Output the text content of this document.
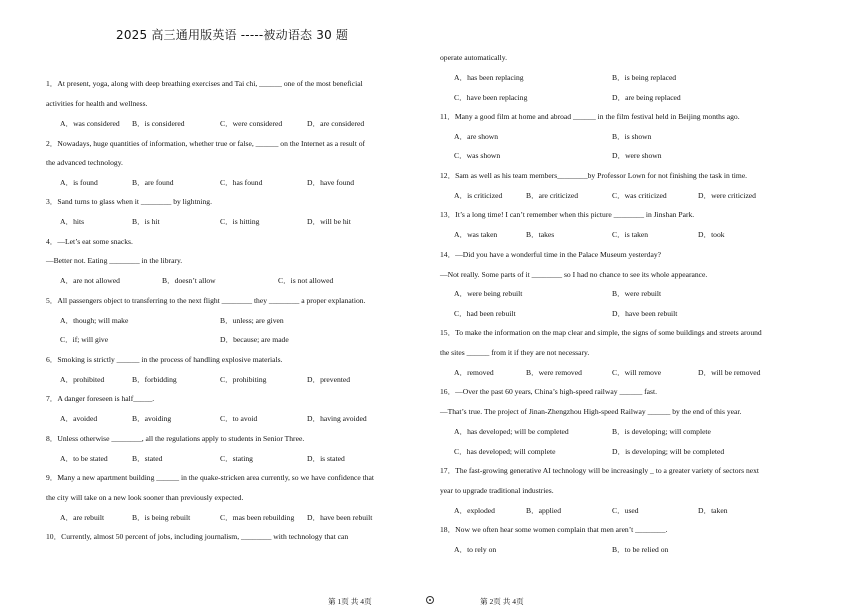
2025 高三通用版英语 -----被动语态 30 题
1．At present, yoga, along with deep breathing exercises and Tai chi, ______ one of the most beneficial
activities for health and wellness.
A．was considered B．is considered	C．were considered	D．are considered
2．Nowadays, huge quantities of information, whether true or false, ______ on the Internet as a result of
the advanced technology.
A．is found	B．are found	C．has found	D．have found
3．Sand turns to glass when it ________ by lightning.
A．hits	B．is hit	C．is hitting	D．will be hit
4．—Let’s eat some snacks.
—Better not. Eating ________ in the library.
A．are not allowed	B．doesn’t allow	C．is not allowed
5．All passengers object to transferring to the next flight ________ they ________ a proper explanation.
A．though; will make	B．unless; are given
C．if; will give	D．because; are made
6．Smoking is strictly ______ in the process of handling explosive materials.
A．prohibited	B．forbidding	C．prohibiting	D．prevented
7．A danger foreseen is half_____.
A．avoided	B．avoiding	C．to avoid	D．having avoided
8．Unless otherwise ________, all the regulations apply to students in Senior Three.
A．to be stated	B．stated	C．stating	D．is stated
9．Many a new apartment building ______ in the quake-stricken area currently, so we have confidence that
the city will take on a new look sooner than previously expected.
A．are rebuilt	B．is being rebuilt	C．mas been rebuilding D．have been rebuilt
10．Currently, almost 50 percent of jobs, including journalism, ________ with technology that can
operate automatically.
A．has been replacing	B．is being replaced
C．have been replacing	D．are being replaced
11．Many a good film at home and abroad ______ in the film festival held in Beijing months ago.
A．are shown	B．is shown
C．was shown	D．were shown
12．Sam as well as his team members________by Professor Lown for not finishing the task in time.
A．is criticized	B．are criticized	C．was criticized	D．were criticized
13．It’s a long time! I can’t remember when this picture ________ in Jinshan Park.
A．was taken	B．takes	C．is taken	D．took
14．—Did you have a wonderful time in the Palace Museum yesterday?
—Not really. Some parts of it ________ so I had no chance to see its whole appearance.
A．were being rebuilt	B．were rebuilt
C．had been rebuilt	D．have been rebuilt
15．To make the information on the map clear and simple, the signs of some buildings and streets around
the sites ______ from it if they are not necessary.
A．removed	B．were removed	C．will remove	D．will be removed
16．—Over the past 60 years, China’s high-speed railway ______ fast.
—That’s true. The project of Jinan-Zhengzhou High-speed Railway ______ by the end of this year.
A．has developed; will be completed	B．is developing; will complete
C．has developed; will complete	D．is developing; will be completed
17．The fast-growing generative AI technology will be increasingly _ to a greater variety of sectors next
year to upgrade traditional industries.
A．exploded	B．applied	C．used	D．taken
18．Now we often hear some women complain that men aren’t ________.
A．to rely on	B．to be relied on
第 1页 共 4页	第 2页 共 4页
